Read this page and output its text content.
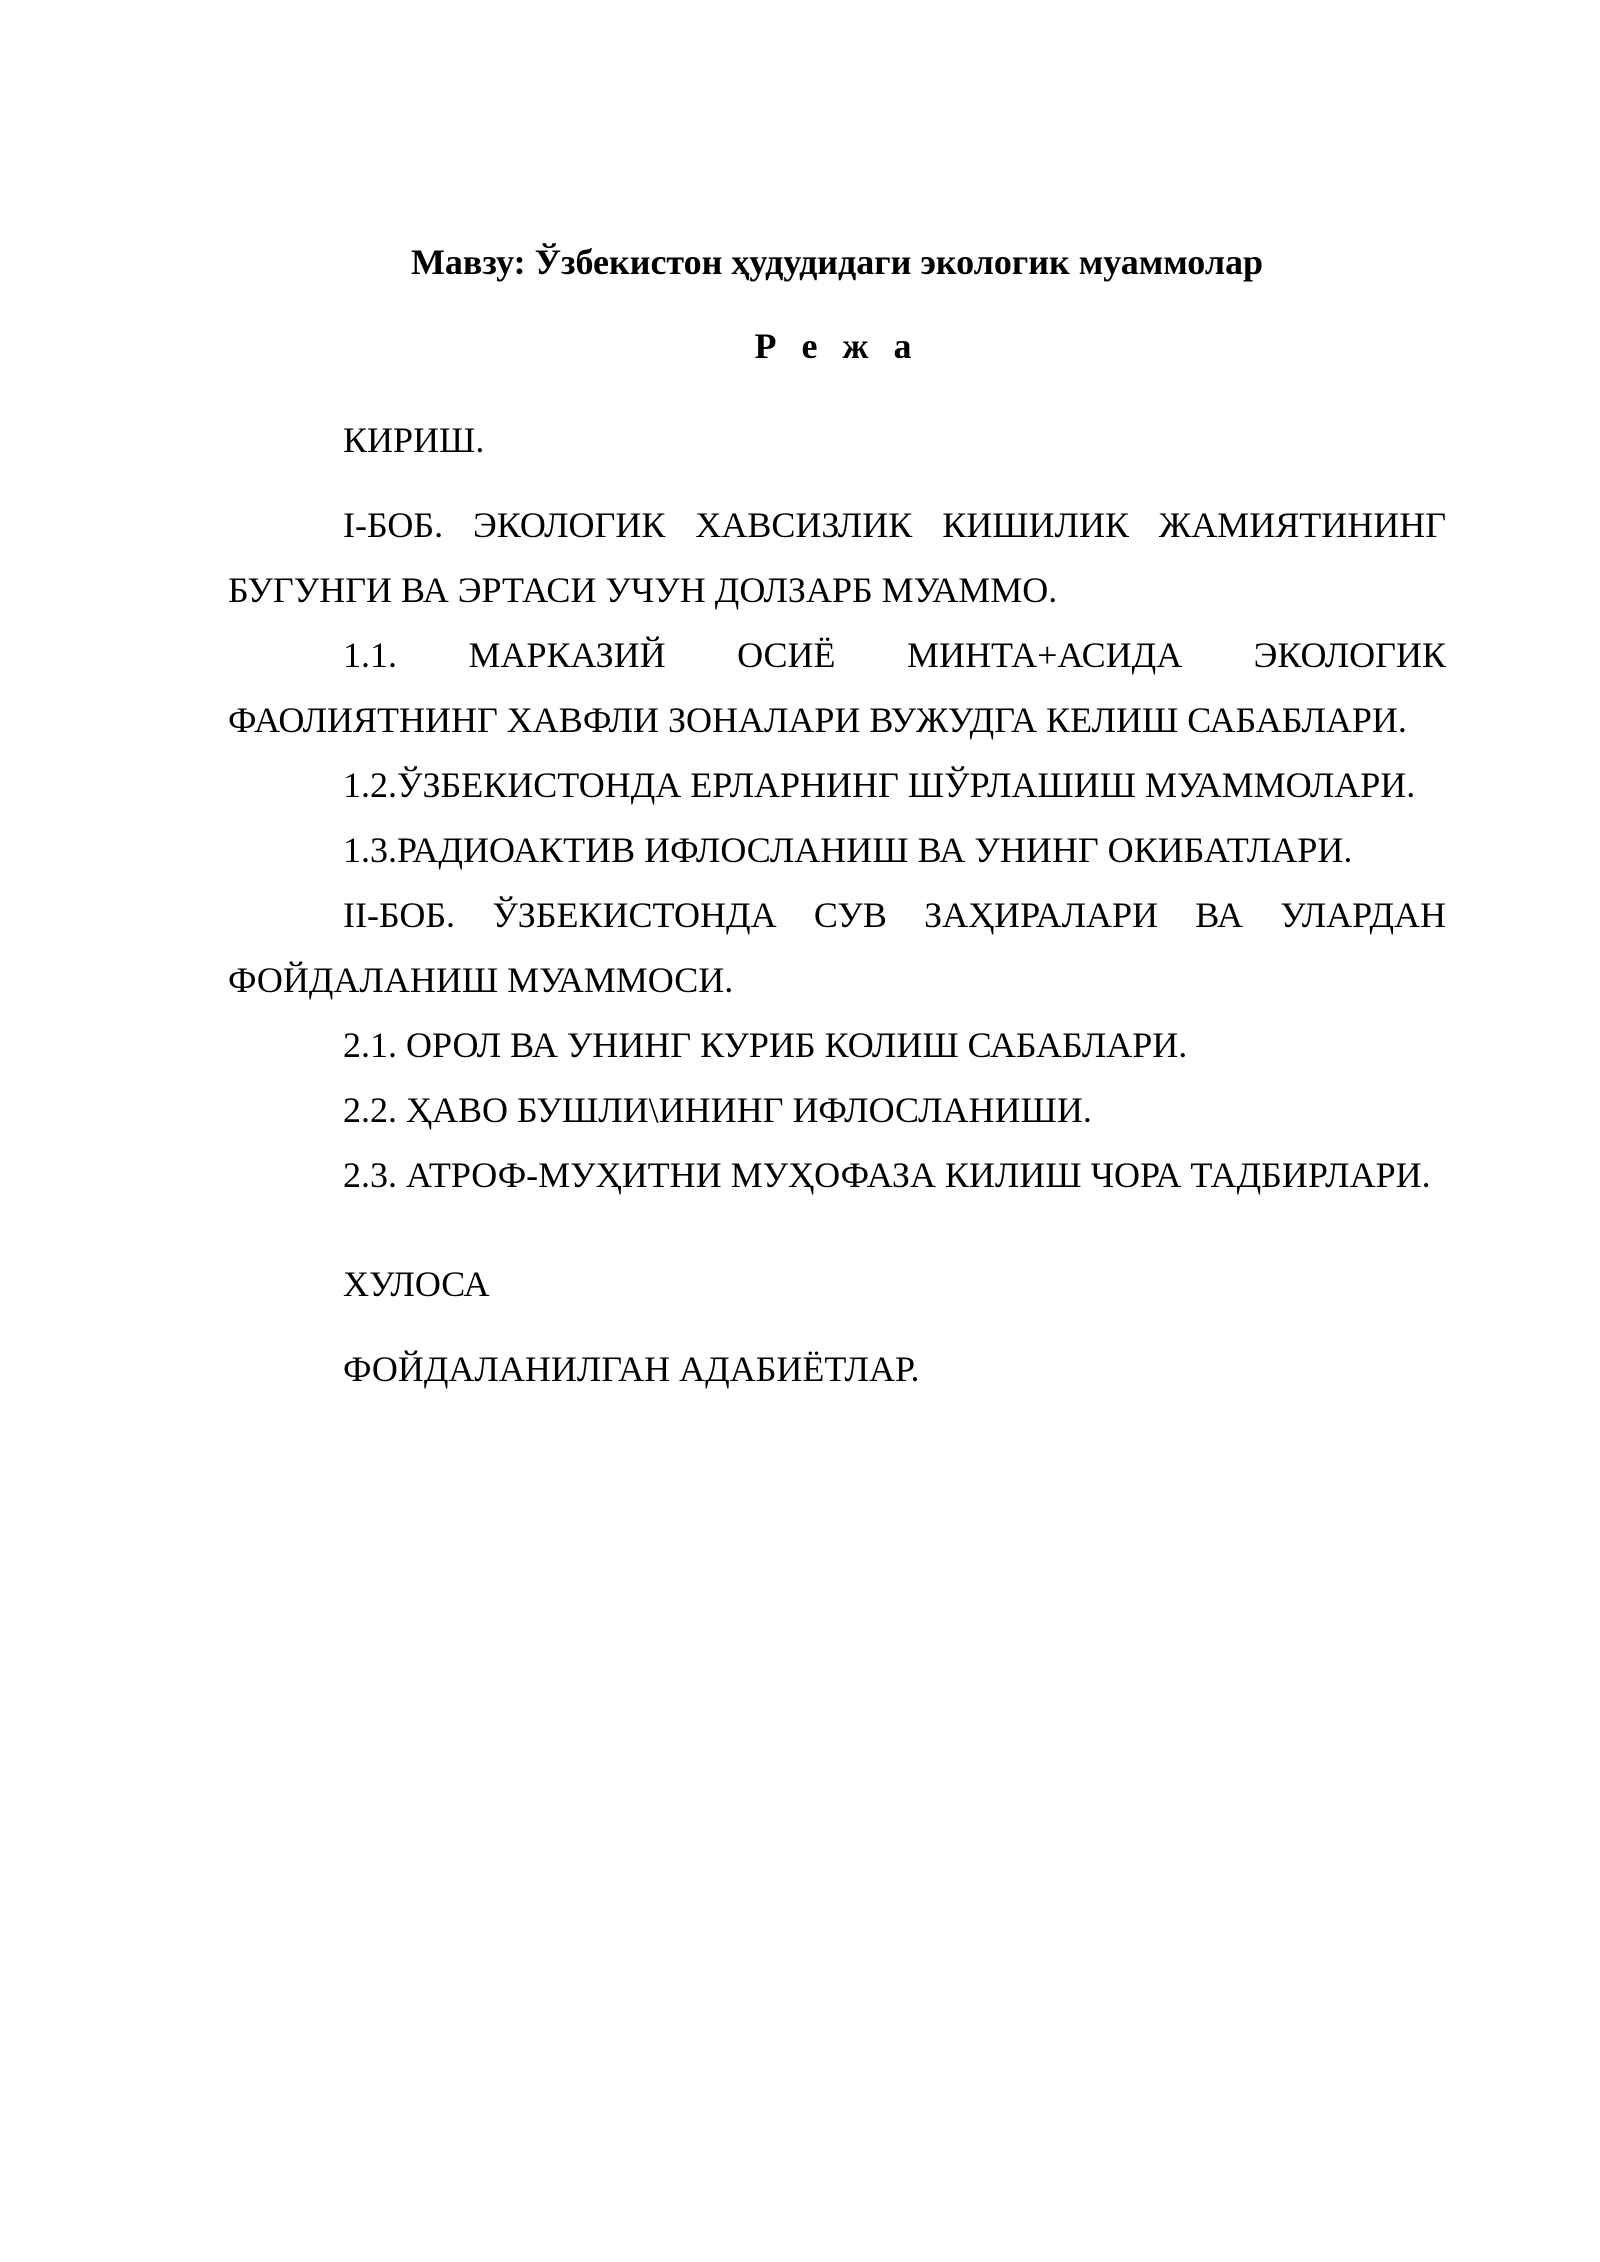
Мавзу: Ўзбекистон ҳудудидаги экологик муаммолар
Р е ж а

КИРИШ.

I-БОБ. ЭКОЛОГИК ХАВСИЗЛИК КИШИЛИК ЖАМИЯТИНИНГ БУГУНГИ ВА ЭРТАСИ УЧУН ДОЛЗАРБ МУАММО.

1.1. МАРКАЗИЙ ОСИЁ МИНТА+АСИДА ЭКОЛОГИК ФАОЛИЯТНИНГ ХАВФЛИ ЗОНАЛАРИ ВУЖУДГА КЕЛИШ САБАБЛАРИ.

1.2.ЎЗБЕКИСТОНДА ЕРЛАРНИНГ ШЎРЛАШИШ МУАММОЛАРИ.

1.3.РАДИОАКТИВ ИФЛОСЛАНИШ ВА УНИНГ ОКИБАТЛАРИ.

II-БОБ. ЎЗБЕКИСТОНДА СУВ ЗАҲИРАЛАРИ ВА УЛАРДАН ФОЙДАЛАНИШ МУАММОСИ.

2.1. ОРОЛ ВА УНИНГ КУРИБ КОЛИШ САБАБЛАРИ.

2.2. ҲАВО БУШЛИ\ИНИНГ ИФЛОСЛАНИШИ.

2.3. АТРОФ-МУҲИТНИ МУҲОФАЗА КИЛИШ ЧОРА ТАДБИРЛАРИ.

ХУЛОСА

ФОЙДАЛАНИЛГАН АДАБИЁТЛАР.
